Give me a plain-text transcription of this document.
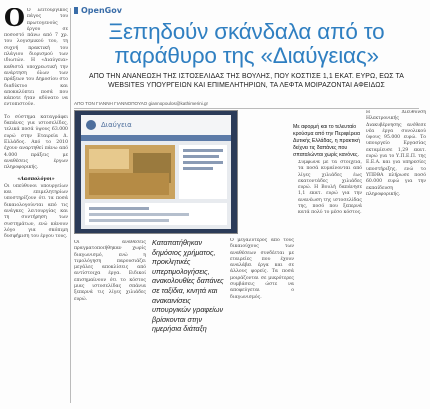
OpenGov
Ξεπηδούν σκάνδαλα από το παράθυρο της «Διαύγειας»
ΑΠΟ ΤΗΝ ΑΝΑΝΕΩΣΗ ΤΗΣ ΙΣΤΟΣΕΛΙΔΑΣ ΤΗΣ ΒΟΥΛΗΣ, ΠΟΥ ΚΟΣΤΙΣΕ 1,1 ΕΚΑΤ. ΕΥΡΩ, ΕΩΣ ΤΑ WEBSITES ΥΠΟΥΡΓΕΙΩΝ ΚΑΙ ΕΠΙΜΕΛΗΤΗΡΙΩΝ, ΤΑ ΛΕΦΤΑ ΜΟΙΡΑΖΟΝΤΑΙ ΑΦΕΙΔΩΣ
ΑΠΟ ΤΟΝ ΓΙΑΝΝΗ ΓΙΑΝΝΟΠΟΥΛΟ giannopoulos@kathimerini.gr
Ο Ο λειτουργικός πάγος του πρωτογενούς έργου σε ποσοστό πάνω από 7 χρ. του λογισμικού του, τη συχνή πρακτική του πλάγιου διορισμού των ιδιωτών. Η «Διαύγεια» καθιστά υποχρεωτική την ανάρτηση όλων των πράξεων του Δημοσίου στο διαδίκτυο και αποκαλύπτει ποσά που κάποτε ήταν αδύνατο να εντοπιστούν.

Το σύστημα καταγράφει δαπάνες για ιστοσελίδες, τελικά ποσά ύψους 63.000 ευρώ στην Εταιρεία Δ. Ελλάδος. Από το 2010 έχουν αναρτηθεί πάνω από 4.000 πράξεις με αναθέσεις έργων πληροφορικής.

«Λασπολόγοι»

Οι υπεύθυνοι υπουργείων και επιμελητηρίων υποστηρίζουν ότι τα ποσά δικαιολογούνται από τις ανάγκες λειτουργίας και τη συντήρηση των συστημάτων, ενώ κάνουν λόγο για σκόπιμη δυσφήμιση του έργου τους.

Διαύγεια	Με αφορμή και το τελευταίο κρούσμα από την Περιφέρεια Δυτικής Ελλάδας, η πρακτική δείχνει τις δαπάνες που σπαταλώνται χωρίς κανόνες.
Οι αναθέσεις πραγματοποιήθηκαν χωρίς διαγωνισμό, ενώ η τιμολόγηση παρουσιάζει μεγάλες αποκλίσεις από αντίστοιχα έργα. Ειδικοί επισημαίνουν ότι το κόστος μιας ιστοσελίδας σπάνια ξεπερνά τις λίγες χιλιάδες ευρώ.
Καταπατήθηκαν δημόσιος χρήματος, προκλητικές υπερτιμολογήσεις, ανακολουθίες δαπάνες σε ταξίδια, κινητά και ανακαινίσεις υπουργικών γραφείων βρίσκονται στην ημερήσια διάταξη
Ο μεγαλύτερος από τους δικαιούχους των αναθέσεων συνδέεται με εταιρείες που έχουν αναλάβει έργα και σε άλλους φορείς. Τα ποσά μοιράζονται σε μικρότερες συμβάσεις ώστε να αποφεύγεται ο διαγωνισμός.
Σύμφωνα με τα στοιχεία, τα ποσά κυμαίνονται από λίγες χιλιάδες έως εκατοντάδες χιλιάδες ευρώ. Η Βουλή δαπάνησε 1,1 εκατ. ευρώ για την ανανέωση της ιστοσελίδας της, ποσό που ξεπερνά κατά πολύ το μέσο κόστος.
Η Διεύθυνση Ηλεκτρονικής Διακυβέρνησης ανέθεσε νέα έργα συνολικού ύψους 95.000 ευρώ. Το υπουργείο Εργασίας εκταμίευσε 1,29 εκατ. ευρώ για το Υ.Π.Ε.Π. της Ε.Ε.Α. και για υπηρεσίες υποστήριξης, ενώ το ΥΠΕΘΑ πλήρωσε ποσό 60.000 ευρώ για την εκπαίδευση πληροφορικής.
